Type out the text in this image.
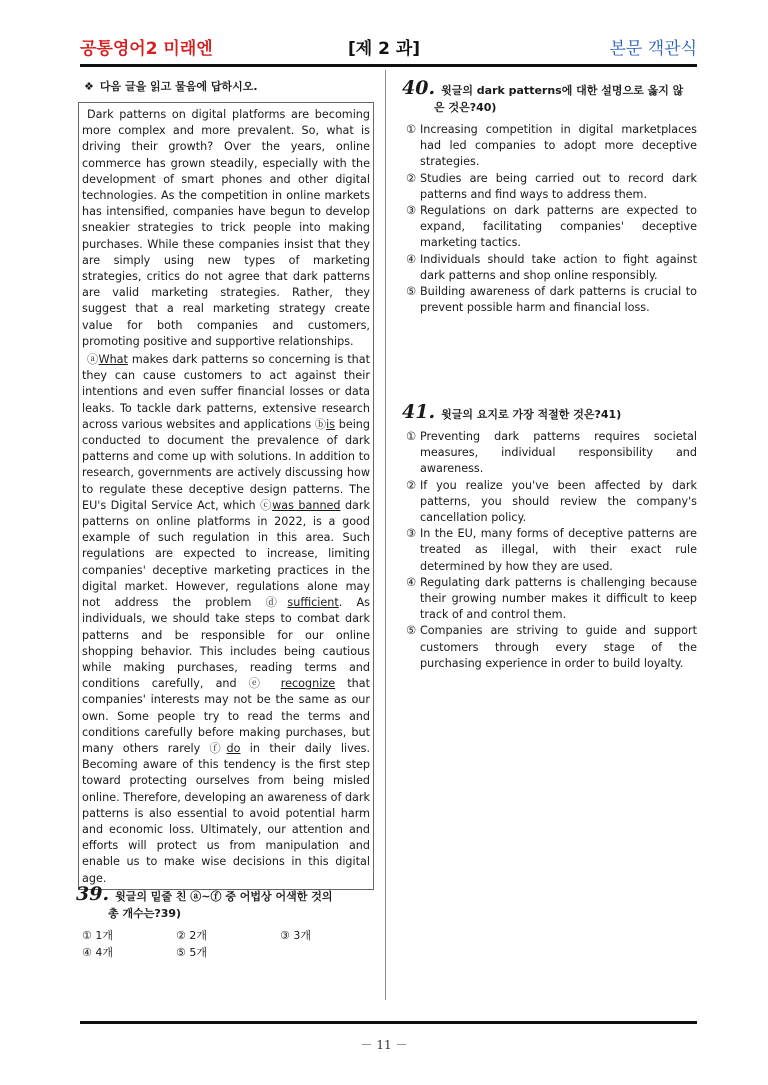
공통영어2 미래엔	[제 2 과]	본문 객관식
❖ 다음 글을 읽고 물음에 답하시오.

Dark patterns on digital platforms are becoming more complex and more prevalent. So, what is driving their growth? Over the years, online commerce has grown steadily, especially with the development of smart phones and other digital technologies. As the competition in online markets has intensified, companies have begun to develop sneakier strategies to trick people into making purchases. While these companies insist that they are simply using new types of marketing strategies, critics do not agree that dark patterns are valid marketing strategies. Rather, they suggest that a real marketing strategy create value for both companies and customers, promoting positive and supportive relationships.

ⓐWhat makes dark patterns so concerning is that they can cause customers to act against their intentions and even suffer financial losses or data leaks. To tackle dark patterns, extensive research across various websites and applications ⓑis being conducted to document the prevalence of dark patterns and come up with solutions. In addition to research, governments are actively discussing how to regulate these deceptive design patterns. The EU's Digital Service Act, which ⓒwas banned dark patterns on online platforms in 2022, is a good example of such regulation in this area. Such regulations are expected to increase, limiting companies' deceptive marketing practices in the digital market. However, regulations alone may not address the problem ⓓsufficient. As individuals, we should take steps to combat dark patterns and be responsible for our online shopping behavior. This includes being cautious while making purchases, reading terms and conditions carefully, and ⓔ recognize that companies' interests may not be the same as our own. Some people try to read the terms and conditions carefully before making purchases, but many others rarely ⓕdo in their daily lives. Becoming aware of this tendency is the first step toward protecting ourselves from being misled online. Therefore, developing an awareness of dark patterns is also essential to avoid potential harm and economic loss. Ultimately, our attention and efforts will protect us from manipulation and enable us to make wise decisions in this digital age.

39. 윗글의 밑줄 친 ⓐ~ⓕ 중 어법상 어색한 것의
총 개수는?39)
① 1개	② 2개	③ 3개
④ 4개	⑤ 5개
40. 윗글의 dark patterns에 대한 설명으로 옳지 않
은 것은?40)
① Increasing competition in digital marketplaces had led companies to adopt more deceptive strategies.
② Studies are being carried out to record dark patterns and find ways to address them.
③ Regulations on dark patterns are expected to expand, facilitating companies' deceptive marketing tactics.
④ Individuals should take action to fight against dark patterns and shop online responsibly.
⑤ Building awareness of dark patterns is crucial to prevent possible harm and financial loss.
41. 윗글의 요지로 가장 적절한 것은?41)
① Preventing dark patterns requires societal measures, individual responsibility and awareness.
② If you realize you've been affected by dark patterns, you should review the company's cancellation policy.
③ In the EU, many forms of deceptive patterns are treated as illegal, with their exact rule determined by how they are used.
④ Regulating dark patterns is challenging because their growing number makes it difficult to keep track of and control them.
⑤ Companies are striving to guide and support customers through every stage of the purchasing experience in order to build loyalty.
－ 11 －
